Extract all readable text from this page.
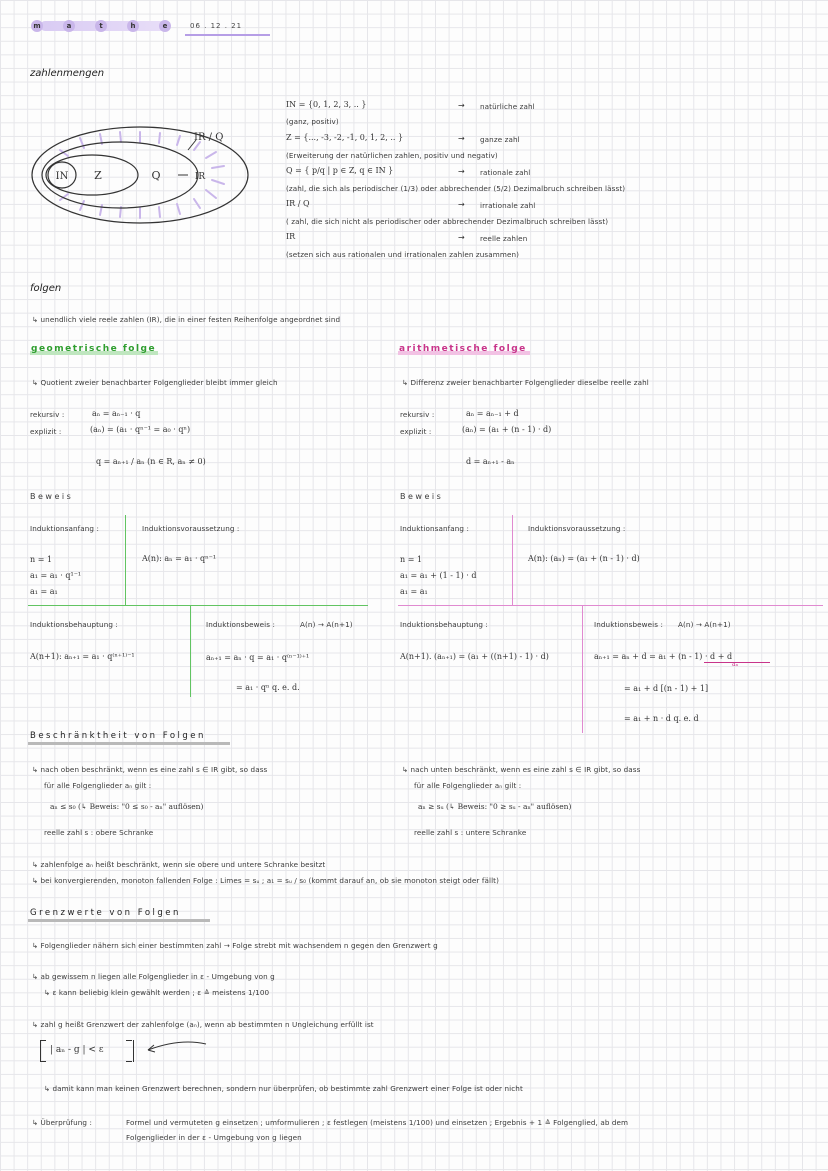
m	a	t	h	e	06 . 12 . 21
zahlenmengen
IN Z	Q	IR
IR / Q
IN = {0, 1, 2, 3, .. }	→ natürliche zahl
(ganz, positiv)
Z = {..., -3, -2, -1, 0, 1, 2, .. }	→ ganze zahl
(Erweiterung der natürlichen zahlen, positiv und negativ)
Q = { p/q | p ∈ Z, q ∈ IN }	→ rationale zahl
(zahl, die sich als periodischer (1/3) oder abbrechender (5/2) Dezimalbruch schreiben lässt)
IR / Q	→ irrationale zahl
( zahl, die sich nicht als periodischer oder abbrechender Dezimalbruch schreiben lässt)
IR	→ reelle zahlen
(setzen sich aus rationalen und irrationalen zahlen zusammen)
folgen
↳ unendlich viele reele zahlen (IR), die in einer festen Reihenfolge angeordnet sind
geometrische folge
↳ Quotient zweier benachbarter Folgenglieder bleibt immer gleich
rekursiv :	aₙ = aₙ₋₁ · q
explizit :	(aₙ) = (a₁ · qⁿ⁻¹ = a₀ · qⁿ)
q = aₙ₊₁ / aₙ (n ∈ R, aₙ ≠ 0)
Beweis
Induktionsanfang :
n = 1
a₁ = a₁ · q¹⁻¹
a₁ = a₁
Induktionsvoraussetzung :
A(n): aₙ = a₁ · qⁿ⁻¹
Induktionsbehauptung :
A(n+1): aₙ₊₁ = a₁ · q⁽ⁿ⁺¹⁾⁻¹
Induktionsbeweis :	A(n) → A(n+1)
aₙ₊₁ = aₙ · q = a₁ · q⁽ⁿ⁻¹⁾⁺¹
= a₁ · qⁿ q. e. d.
arithmetische folge
↳ Differenz zweier benachbarter Folgenglieder dieselbe reelle zahl
rekursiv :	aₙ = aₙ₋₁ + d
explizit :	(aₙ) = (a₁ + (n - 1) · d)
d = aₙ₊₁ - aₙ
Beweis
Induktionsanfang :
n = 1
a₁ = a₁ + (1 - 1) · d
a₁ = a₁
Induktionsvoraussetzung :
A(n): (aₙ) = (a₁ + (n - 1) · d)
Induktionsbehauptung :
A(n+1). (aₙ₊₁) = (a₁ + ((n+1) - 1) · d)
Induktionsbeweis : A(n) → A(n+1)
aₙ₊₁ = aₙ + d = a₁ + (n - 1) · d + d
aₙ
= a₁ + d [(n - 1) + 1]
= a₁ + n · d q. e. d
Beschränktheit von Folgen
↳ nach oben beschränkt, wenn es eine zahl s ∈ IR gibt, so dass
für alle Folgenglieder aₙ gilt :
aₙ ≤ s₀ (↳ Beweis: "0 ≤ s₀ - aₙ" auflösen)
reelle zahl s : obere Schranke
↳ nach unten beschränkt, wenn es eine zahl s ∈ IR gibt, so dass
für alle Folgenglieder aₙ gilt :
aₙ ≥ sᵤ (↳ Beweis: "0 ≥ sᵤ - aₙ" auflösen)
reelle zahl s : untere Schranke
↳ zahlenfolge aₙ heißt beschränkt, wenn sie obere und untere Schranke besitzt
↳ bei konvergierenden, monoton fallenden Folge : Limes = sᵤ ; a₁ = sᵤ / s₀ (kommt darauf an, ob sie monoton steigt oder fällt)
Grenzwerte von Folgen
↳ Folgenglieder nähern sich einer bestimmten zahl → Folge strebt mit wachsendem n gegen den Grenzwert g
↳ ab gewissem n liegen alle Folgenglieder in ε - Umgebung von g
↳ ε kann beliebig klein gewählt werden ; ε ≙ meistens 1/100
↳ zahl g heißt Grenzwert der zahlenfolge (aₙ), wenn ab bestimmten n Ungleichung erfüllt ist
| aₙ - g | < ε
↳ damit kann man keinen Grenzwert berechnen, sondern nur überprüfen, ob bestimmte zahl Grenzwert einer Folge ist oder nicht
↳ Überprüfung :	Formel und vermuteten g einsetzen ; umformulieren ; ε festlegen (meistens 1/100) und einsetzen ; Ergebnis + 1 ≙ Folgenglied, ab dem
Folgenglieder in der ε - Umgebung von g liegen
